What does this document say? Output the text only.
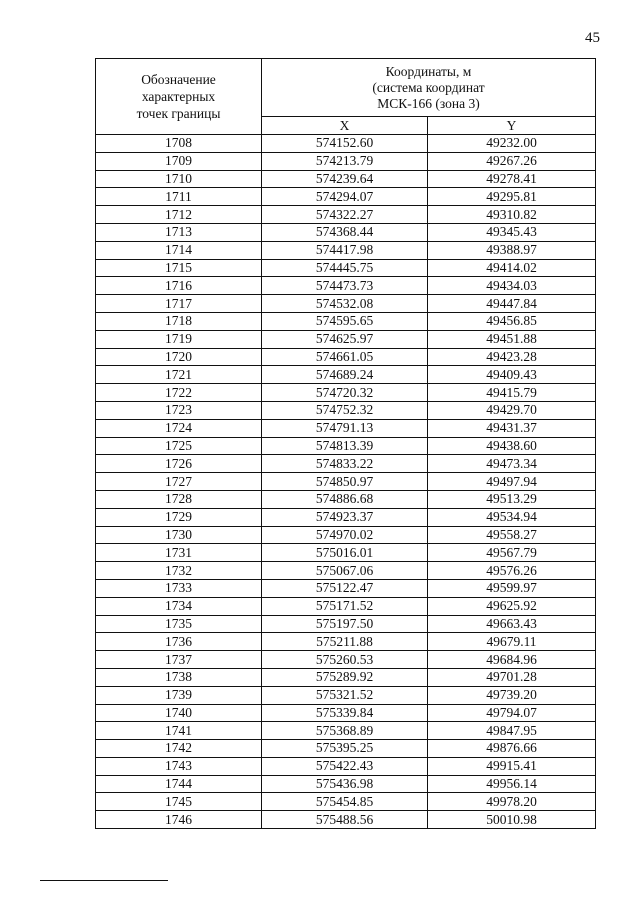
45
Обозначение
характерных
точек границы	Координаты, м
(система координат
МСК-166 (зона 3)	

	X	Y
1708	574152.60	49232.00
1709	574213.79	49267.26
1710	574239.64	49278.41
1711	574294.07	49295.81
1712	574322.27	49310.82
1713	574368.44	49345.43
1714	574417.98	49388.97
1715	574445.75	49414.02
1716	574473.73	49434.03
1717	574532.08	49447.84
1718	574595.65	49456.85
1719	574625.97	49451.88
1720	574661.05	49423.28
1721	574689.24	49409.43
1722	574720.32	49415.79
1723	574752.32	49429.70
1724	574791.13	49431.37
1725	574813.39	49438.60
1726	574833.22	49473.34
1727	574850.97	49497.94
1728	574886.68	49513.29
1729	574923.37	49534.94
1730	574970.02	49558.27
1731	575016.01	49567.79
1732	575067.06	49576.26
1733	575122.47	49599.97
1734	575171.52	49625.92
1735	575197.50	49663.43
1736	575211.88	49679.11
1737	575260.53	49684.96
1738	575289.92	49701.28
1739	575321.52	49739.20
1740	575339.84	49794.07
1741	575368.89	49847.95
1742	575395.25	49876.66
1743	575422.43	49915.41
1744	575436.98	49956.14
1745	575454.85	49978.20
1746	575488.56	50010.98
